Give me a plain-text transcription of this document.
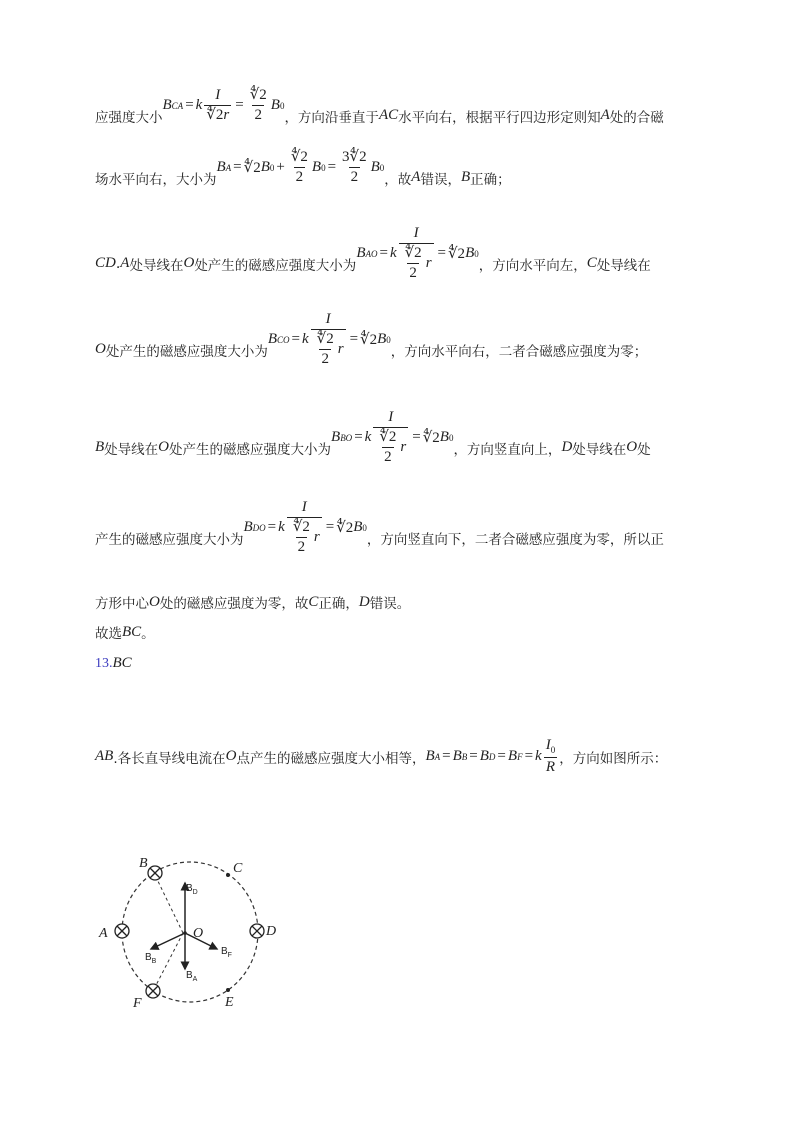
应强度大小
B CA = k $\frac{I}{∜2r} = \frac{∜2}{2}$ B 0
，方向沿垂直于 AC 水平向右，根据平行四边形定则知 A 处的合磁
场水平向右，大小为
B A = ∜2 B $0 + \frac{∜2}{2}$ B $0 = \frac{3∜2}{2}$ B 0
，故 A 错误， B 正确；
CD . A 处导线在 O 处产生的磁感应强度大小为
B AO = k $\frac{I}{\frac{∜2}{2} r}$ = ∜2 B 0
，方向水平向左， C 处导线在
O 处产生的磁感应强度大小为
B CO = k $\frac{I}{\frac{∜2}{2} r}$ = ∜2 B 0
，方向水平向右，二者合磁感应强度为零；
B 处导线在 O 处产生的磁感应强度大小为
B BO = k $\frac{I}{\frac{∜2}{2} r}$ = ∜2 B 0
，方向竖直向上， D 处导线在 O 处
产生的磁感应强度大小为
B DO = k $\frac{I}{\frac{∜2}{2} r}$ = ∜2 B 0
，方向竖直向下，二者合磁感应强度为零，所以正
方形中心 O 处的磁感应强度为零，故 C 正确， D 错误。
故选 BC 。
13. BC
AB .各长直导线电流在 O 点产生的磁感应强度大小相等， B A = B B = B D = B F = k $\frac{I_0}{R}$ ，方向如图所示：
B	C
A	D
F	E
O
$B_D$
$B_A$
$B_B$
$B_F$
